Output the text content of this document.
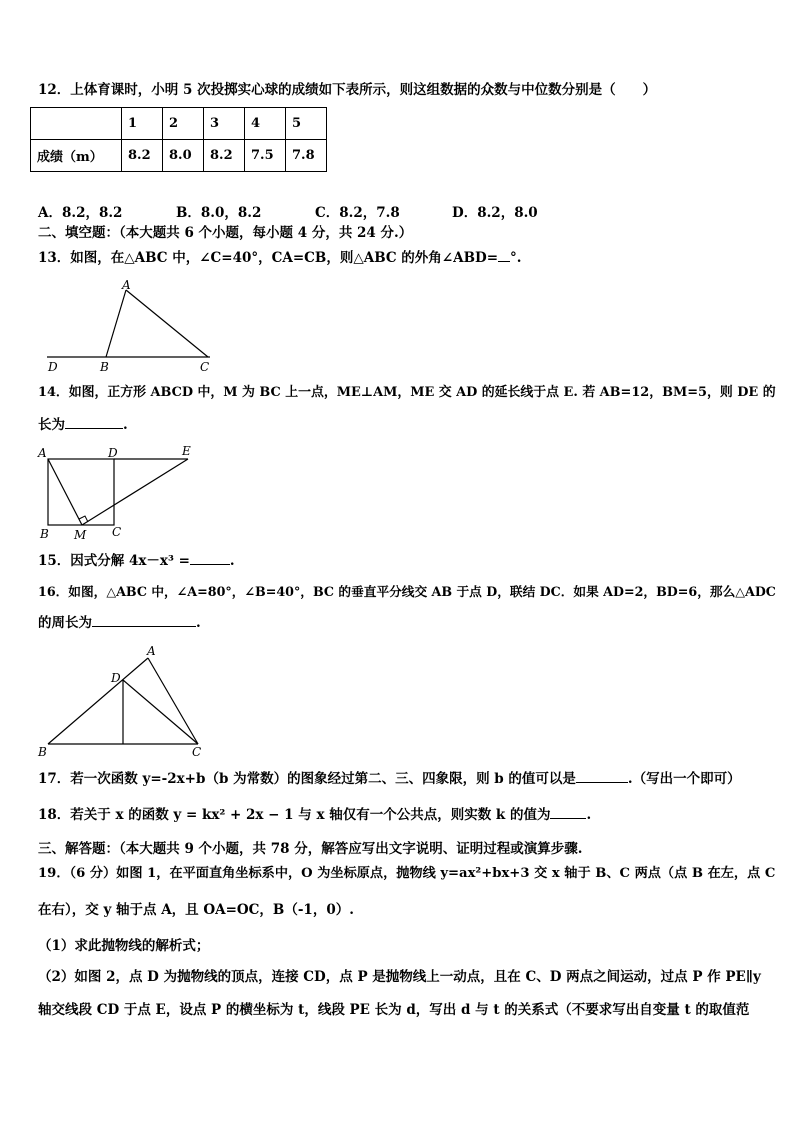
12．上体育课时，小明 5 次投掷实心球的成绩如下表所示，则这组数据的众数与中位数分别是（　　）
	1	2	3	4	5
成绩（m）	8.2	8.0	8.2	7.5	7.8
A．8.2，8.2	B．8.0，8.2	C．8.2，7.8	D．8.2，8.0
二、填空题：（本大题共 6 个小题，每小题 4 分，共 24 分.）
13．如图，在△ABC 中，∠C=40°，CA=CB，则△ABC 的外角∠ABD= °.
A
D	B	C
14．如图，正方形 ABCD 中，M 为 BC 上一点，ME⊥AM，ME 交 AD 的延长线于点 E. 若 AB=12，BM=5，则 DE 的
长为	.
A	D	E
B M C
15．因式分解 4x－x³ =	.
16．如图，△ABC 中，∠A=80°，∠B=40°，BC 的垂直平分线交 AB 于点 D，联结 DC．如果 AD=2，BD=6，那么△ADC
的周长为	.
A
D
B	C
17．若一次函数 y=-2x+b（b 为常数）的图象经过第二、三、四象限，则 b 的值可以是	.（写出一个即可）
18．若关于 x 的函数 y = kx² + 2x − 1 与 x 轴仅有一个公共点，则实数 k 的值为	.
三、解答题：（本大题共 9 个小题，共 78 分，解答应写出文字说明、证明过程或演算步骤.
19．（6 分）如图 1，在平面直角坐标系中，O 为坐标原点，抛物线 y=ax²+bx+3 交 x 轴于 B、C 两点（点 B 在左，点 C
在右），交 y 轴于点 A，且 OA=OC，B（-1，0）.
（1）求此抛物线的解析式；
（2）如图 2，点 D 为抛物线的顶点，连接 CD，点 P 是抛物线上一动点，且在 C、D 两点之间运动，过点 P 作 PE∥y
轴交线段 CD 于点 E，设点 P 的横坐标为 t，线段 PE 长为 d，写出 d 与 t 的关系式（不要求写出自变量 t 的取值范
